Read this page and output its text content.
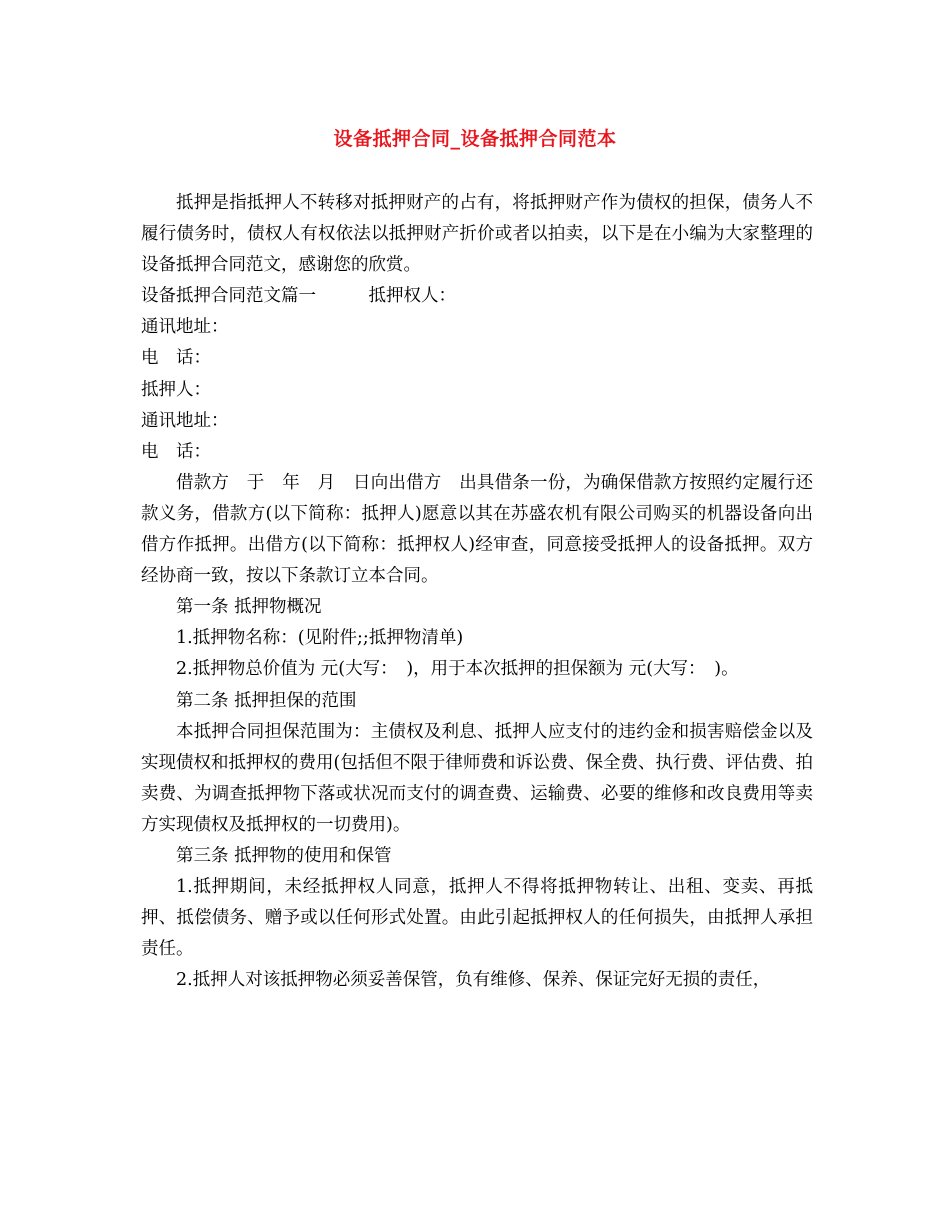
设备抵押合同_设备抵押合同范本

抵押是指抵押人不转移对抵押财产的占有，将抵押财产作为债权的担保，债务人不履行债务时，债权人有权依法以抵押财产折价或者以拍卖，以下是在小编为大家整理的设备抵押合同范文，感谢您的欣赏。

设备抵押合同范文篇一　　　抵押权人：

通讯地址：

电　话：

抵押人：

通讯地址：

电　话：

借款方　于　年　月　日向出借方　出具借条一份，为确保借款方按照约定履行还款义务，借款方(以下简称：抵押人)愿意以其在苏盛农机有限公司购买的机器设备向出借方作抵押。出借方(以下简称：抵押权人)经审查，同意接受抵押人的设备抵押。双方经协商一致，按以下条款订立本合同。

第一条 抵押物概况

1.抵押物名称：(见附件;;抵押物清单)

2.抵押物总价值为 元(大写：　)，用于本次抵押的担保额为 元(大写：　)。

第二条 抵押担保的范围

本抵押合同担保范围为：主债权及利息、抵押人应支付的违约金和损害赔偿金以及实现债权和抵押权的费用(包括但不限于律师费和诉讼费、保全费、执行费、评估费、拍卖费、为调查抵押物下落或状况而支付的调查费、运输费、必要的维修和改良费用等卖方实现债权及抵押权的一切费用)。

第三条 抵押物的使用和保管

1.抵押期间，未经抵押权人同意，抵押人不得将抵押物转让、出租、变卖、再抵押、抵偿债务、赠予或以任何形式处置。由此引起抵押权人的任何损失，由抵押人承担责任。

2.抵押人对该抵押物必须妥善保管，负有维修、保养、保证完好无损的责任，
